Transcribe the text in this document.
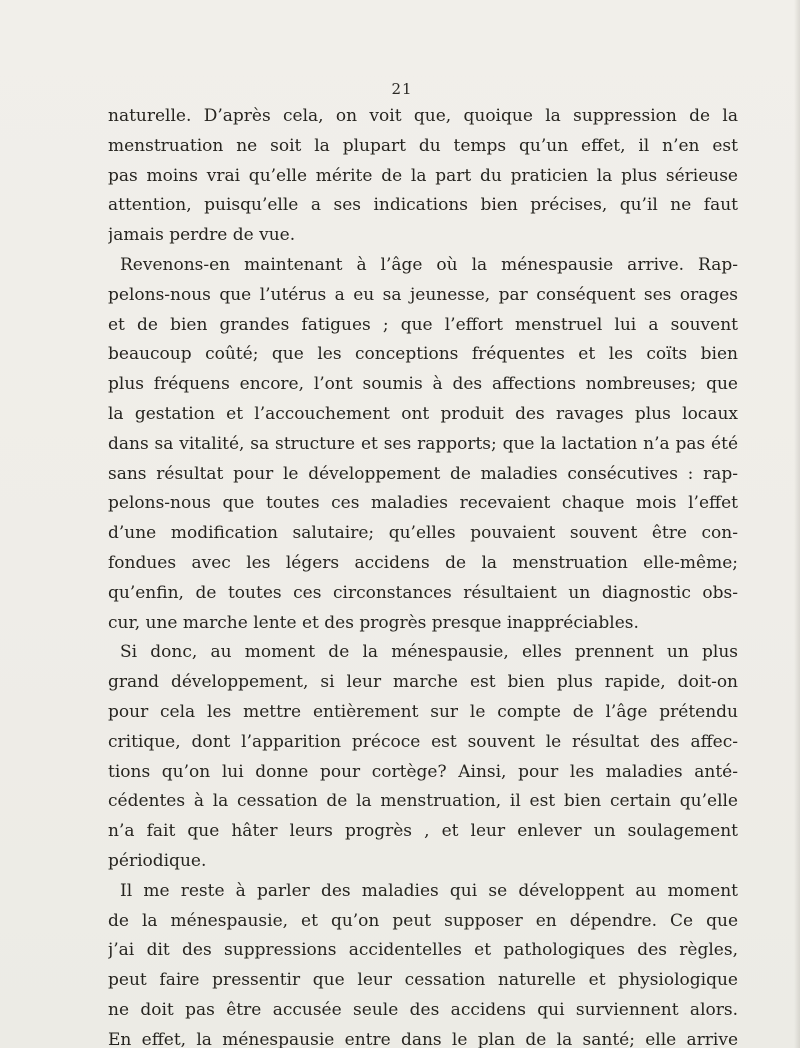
21
naturelle. D’après cela, on voit que, quoique la suppression de la
menstruation ne soit la plupart du temps qu’un effet, il n’en est
pas moins vrai qu’elle mérite de la part du praticien la plus sérieuse
attention, puisqu’elle a ses indications bien précises, qu’il ne faut
jamais perdre de vue.
Revenons-en maintenant à l’âge où la ménespausie arrive. Rap-
pelons-nous que l’utérus a eu sa jeunesse, par conséquent ses orages
et de bien grandes fatigues ; que l’effort menstruel lui a souvent
beaucoup coûté; que les conceptions fréquentes et les coïts bien
plus fréquens encore, l’ont soumis à des affections nombreuses; que
la gestation et l’accouchement ont produit des ravages plus locaux
dans sa vitalité, sa structure et ses rapports; que la lactation n’a pas été
sans résultat pour le développement de maladies consécutives : rap-
pelons-nous que toutes ces maladies recevaient chaque mois l’effet
d’une modification salutaire; qu’elles pouvaient souvent être con-
fondues avec les légers accidens de la menstruation elle-même;
qu’enfin, de toutes ces circonstances résultaient un diagnostic obs-
cur, une marche lente et des progrès presque inappréciables.
Si donc, au moment de la ménespausie, elles prennent un plus
grand développement, si leur marche est bien plus rapide, doit-on
pour cela les mettre entièrement sur le compte de l’âge prétendu
critique, dont l’apparition précoce est souvent le résultat des affec-
tions qu’on lui donne pour cortège? Ainsi, pour les maladies anté-
cédentes à la cessation de la menstruation, il est bien certain qu’elle
n’a fait que hâter leurs progrès , et leur enlever un soulagement
périodique.
Il me reste à parler des maladies qui se développent au moment
de la ménespausie, et qu’on peut supposer en dépendre. Ce que
j’ai dit des suppressions accidentelles et pathologiques des règles,
peut faire pressentir que leur cessation naturelle et physiologique
ne doit pas être accusée seule des accidens qui surviennent alors.
En effet, la ménespausie entre dans le plan de la santé; elle arrive
